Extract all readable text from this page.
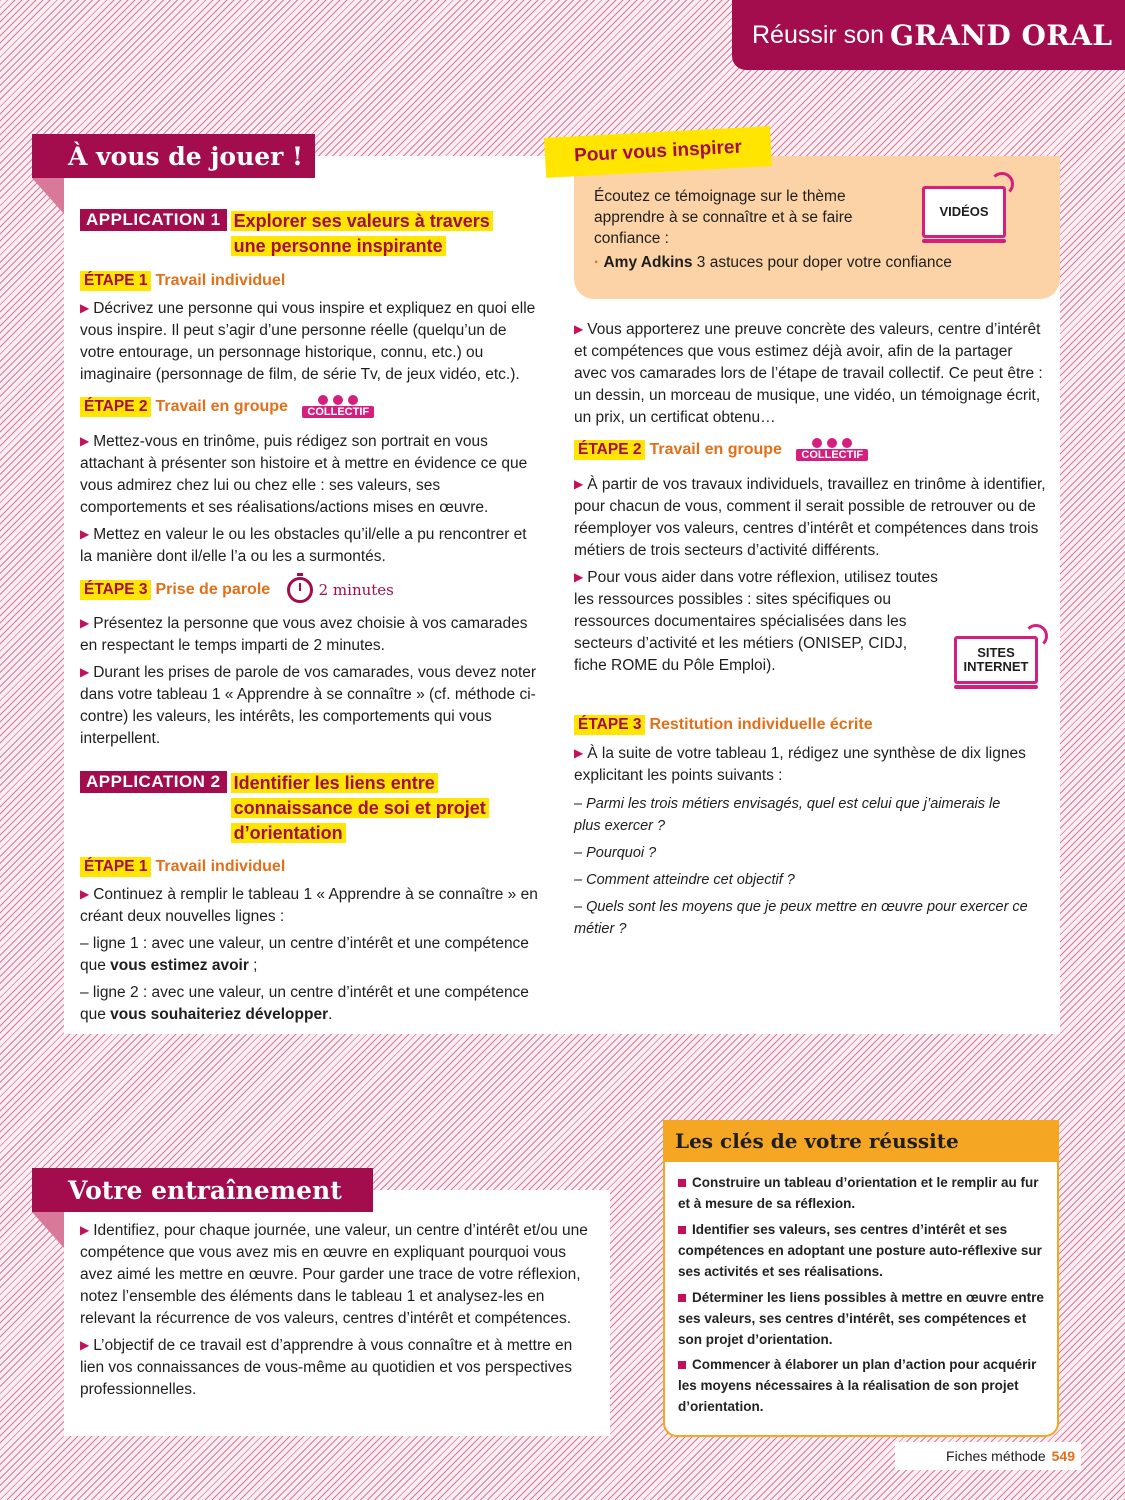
Réussir son GRAND ORAL
À vous de jouer !
APPLICATION 1 Explorer ses valeurs à travers
une personne inspirante
ÉTAPE 1 Travail individuel

▶ Décrivez une personne qui vous inspire et expliquez en quoi elle vous inspire. Il peut s’agir d’une personne réelle (quelqu’un de votre entourage, un personnage historique, connu, etc.) ou imaginaire (personnage de film, de série Tv, de jeux vidéo, etc.).

ÉTAPE 2 Travail en groupe	COLLECTIF

▶ Mettez-vous en trinôme, puis rédigez son portrait en vous attachant à présenter son histoire et à mettre en évidence ce que vous admirez chez lui ou chez elle : ses valeurs, ses comportements et ses réalisations/actions mises en œuvre.

▶ Mettez en valeur le ou les obstacles qu’il/elle a pu rencontrer et la manière dont il/elle l’a ou les a surmontés.

ÉTAPE 3 Prise de parole	2 minutes

▶ Présentez la personne que vous avez choisie à vos camarades en respectant le temps imparti de 2 minutes.

▶ Durant les prises de parole de vos camarades, vous devez noter dans votre tableau 1 « Apprendre à se connaître » (cf. méthode ci-contre) les valeurs, les intérêts, les comportements qui vous interpellent.

APPLICATION 2 Identifier les liens entre
connaissance de soi et projet
d’orientation
ÉTAPE 1 Travail individuel

▶ Continuez à remplir le tableau 1 « Apprendre à se connaître » en créant deux nouvelles lignes :

– ligne 1 : avec une valeur, un centre d’intérêt et une compétence que vous estimez avoir ;

– ligne 2 : avec une valeur, un centre d’intérêt et une compétence que vous souhaiteriez développer.

Pour vous inspirer

Écoutez ce témoignage sur le thème apprendre à se connaître et à se faire confiance :

· Amy Adkins 3 astuces pour doper votre confiance
VIDÉOS

▶ Vous apporterez une preuve concrète des valeurs, centre d’intérêt et compétences que vous estimez déjà avoir, afin de la partager avec vos camarades lors de l’étape de travail collectif. Ce peut être : un dessin, un morceau de musique, une vidéo, un témoignage écrit, un prix, un certificat obtenu…

ÉTAPE 2 Travail en groupe	COLLECTIF

▶ À partir de vos travaux individuels, travaillez en trinôme à identifier, pour chacun de vous, comment il serait possible de retrouver ou de réemployer vos valeurs, centres d’intérêt et compétences dans trois métiers de trois secteurs d’activité différents.

▶ Pour vous aider dans votre réflexion, utilisez toutes les ressources possibles : sites spécifiques ou ressources documentaires spécialisées dans les secteurs d’activité et les métiers (ONISEP, CIDJ, fiche ROME du Pôle Emploi).

SITES
INTERNET
ÉTAPE 3 Restitution individuelle écrite

▶ À la suite de votre tableau 1, rédigez une synthèse de dix lignes explicitant les points suivants :

– Parmi les trois métiers envisagés, quel est celui que j’aimerais le plus exercer ?

– Pourquoi ?

– Comment atteindre cet objectif ?

– Quels sont les moyens que je peux mettre en œuvre pour exercer ce métier ?

Votre entraînement

▶ Identifiez, pour chaque journée, une valeur, un centre d’intérêt et/ou une compétence que vous avez mis en œuvre en expliquant pourquoi vous avez aimé les mettre en œuvre. Pour garder une trace de votre réflexion, notez l’ensemble des éléments dans le tableau 1 et analysez-les en relevant la récurrence de vos valeurs, centres d’intérêt et compétences.

▶ L’objectif de ce travail est d’apprendre à vous connaître et à mettre en lien vos connaissances de vous-même au quotidien et vos perspectives professionnelles.

Les clés de votre réussite
Construire un tableau d’orientation et le remplir au fur et à mesure de sa réflexion.
Identifier ses valeurs, ses centres d’intérêt et ses compétences en adoptant une posture auto-réflexive sur ses activités et ses réalisations.
Déterminer les liens possibles à mettre en œuvre entre ses valeurs, ses centres d’intérêt, ses compétences et son projet d’orientation.
Commencer à élaborer un plan d’action pour acquérir les moyens nécessaires à la réalisation de son projet d’orientation.
Fiches méthode 549
